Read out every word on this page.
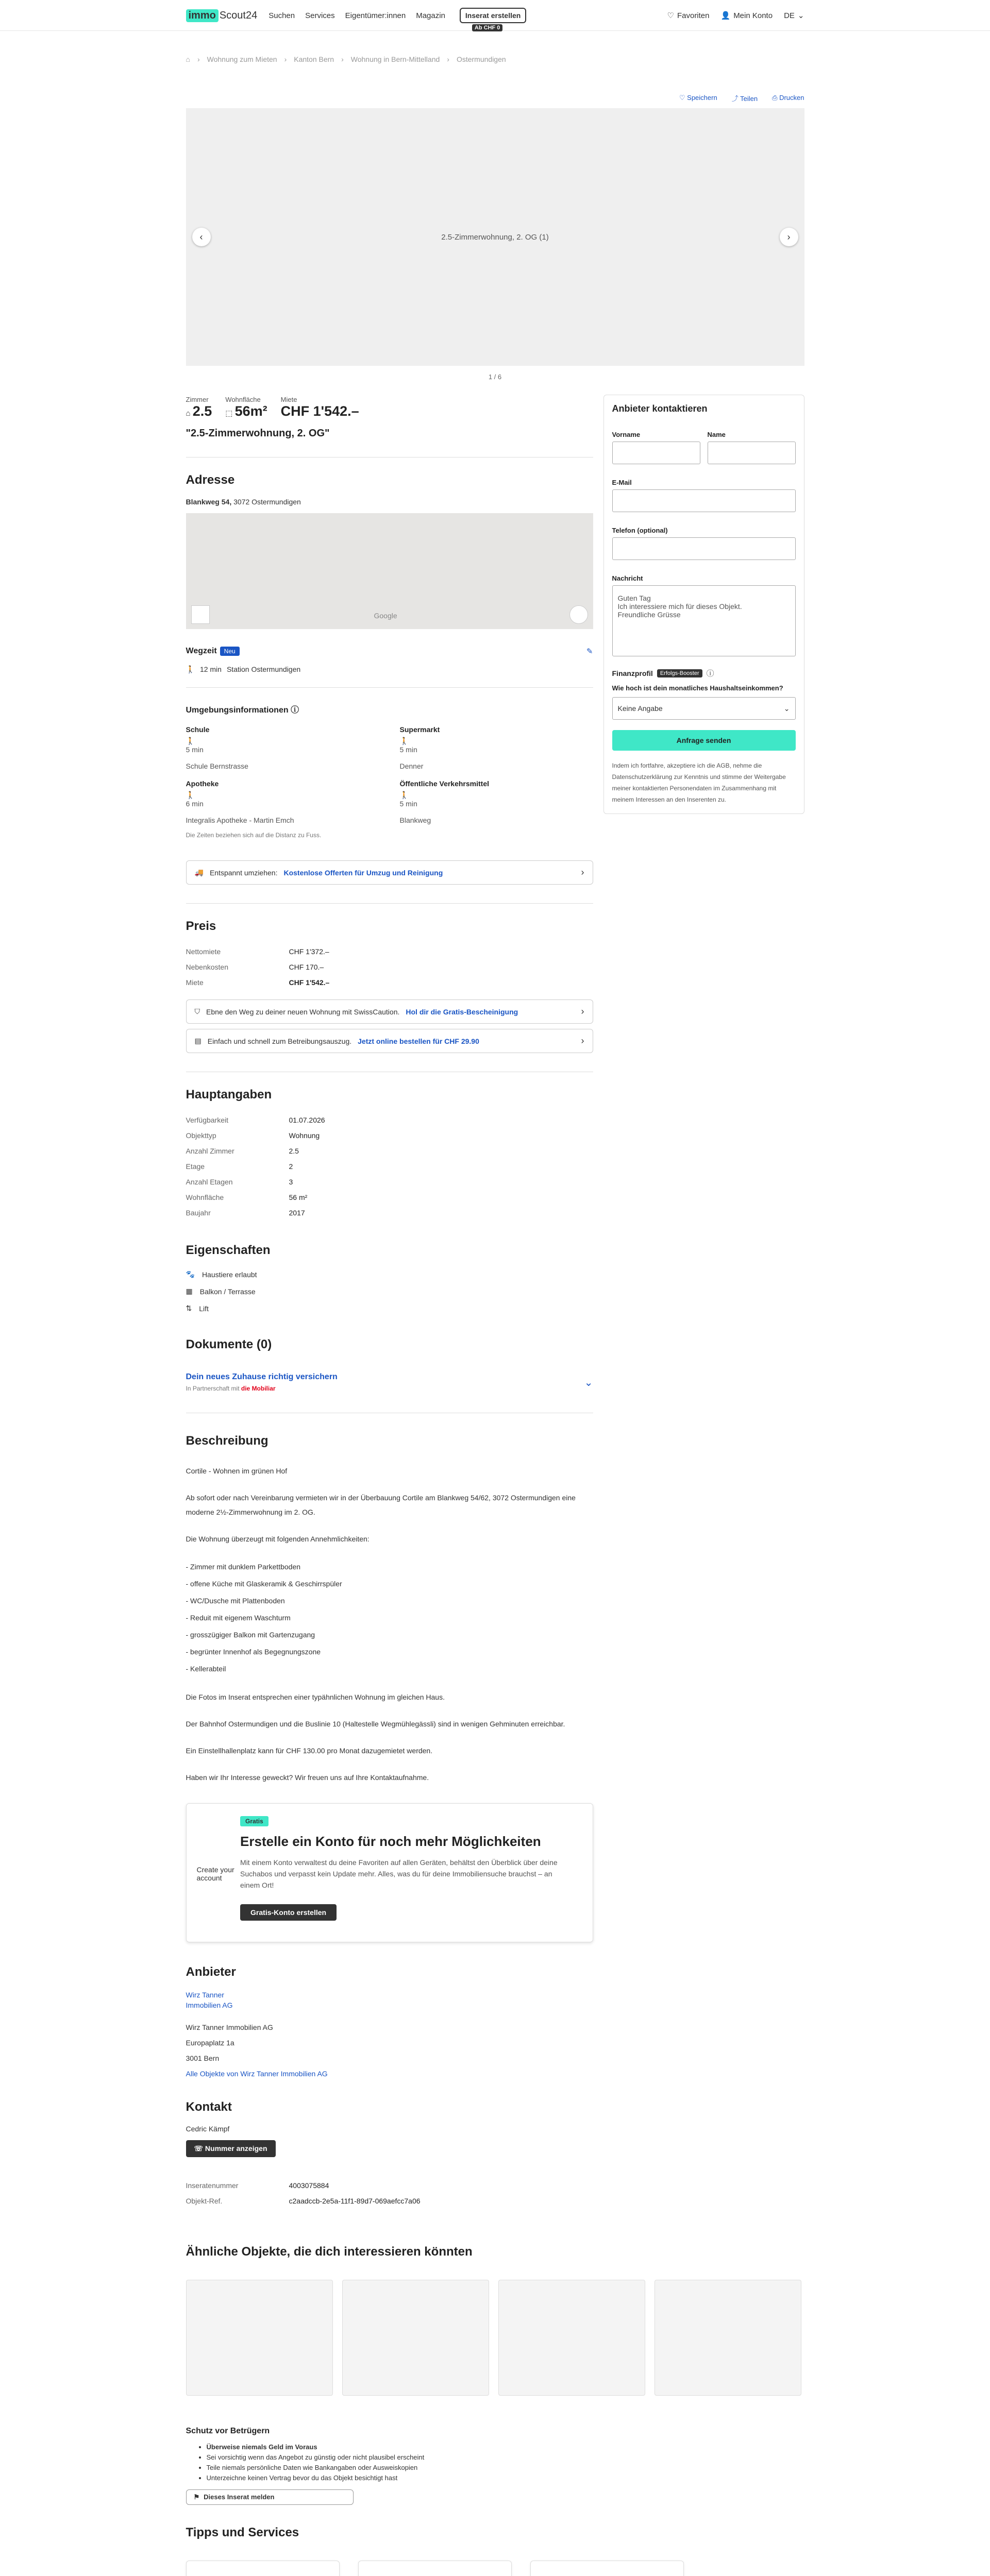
immo Scout24 Suchen Services Eigentümer:innen Magazin	Inserat erstellen
Ab CHF 0
♡ Favoriten 👤 Mein Konto DE ⌄
⌂ › Wohnung zum Mieten › Kanton Bern › Wohnung in Bern-Mittelland › Ostermundigen
♡ Speichern ⤴ Teilen ⎙ Drucken
2.5-Zimmerwohnung, 2. OG (1)
‹	›
1 / 6
Zimmer
⌂ 2.5
Wohnfläche
⬚ 56m²
Miete
CHF 1'542.–
"2.5-Zimmerwohnung, 2. OG"
Adresse
Blankweg 54, 3072 Ostermundigen
Google
Wegzeit	Neu	✎
🚶 12 min Station Ostermundigen
Umgebungsinformationen ⓘ
Schule
🚶
5 min

Schule Bernstrasse
Supermarkt
🚶
5 min

Denner
Apotheke
🚶
6 min

Integralis Apotheke - Martin Emch
Öffentliche Verkehrsmittel
🚶
5 min

Blankweg
Die Zeiten beziehen sich auf die Distanz zu Fuss.
🚚 Entspannt umziehen: Kostenlose Offerten für Umzug und Reinigung	›
Preis
Nettomiete	CHF 1'372.–
Nebenkosten	CHF 170.–
Miete	CHF 1'542.–
⛉ Ebne den Weg zu deiner neuen Wohnung mit SwissCaution. Hol dir die Gratis-Bescheinigung	›
▤ Einfach und schnell zum Betreibungsauszug. Jetzt online bestellen für CHF 29.90	›
Hauptangaben
Verfügbarkeit	01.07.2026
Objekttyp	Wohnung
Anzahl Zimmer	2.5
Etage	2
Anzahl Etagen	3
Wohnfläche	56 m²
Baujahr	2017
Eigenschaften
🐾 Haustiere erlaubt
▦ Balkon / Terrasse
⇅ Lift
Dokumente (0)
Dein neues Zuhause richtig versichern
In Partnerschaft mit die Mobiliar
⌄
Beschreibung

Cortile - Wohnen im grünen Hof

Ab sofort oder nach Vereinbarung vermieten wir in der Überbauung Cortile am Blankweg 54/62, 3072 Ostermundigen eine moderne 2½-Zimmerwohnung im 2. OG.

Die Wohnung überzeugt mit folgenden Annehmlichkeiten:

- Zimmer mit dunklem Parkettboden
- offene Küche mit Glaskeramik & Geschirrspüler
- WC/Dusche mit Plattenboden
- Reduit mit eigenem Waschturm
- grosszügiger Balkon mit Gartenzugang
- begrünter Innenhof als Begegnungszone
- Kellerabteil

Die Fotos im Inserat entsprechen einer typähnlichen Wohnung im gleichen Haus.

Der Bahnhof Ostermundigen und die Buslinie 10 (Haltestelle Wegmühlegässli) sind in wenigen Gehminuten erreichbar.

Ein Einstellhallenplatz kann für CHF 130.00 pro Monat dazugemietet werden.

Haben wir Ihr Interesse geweckt? Wir freuen uns auf Ihre Kontaktaufnahme.

Create your account
Gratis
Erstelle ein Konto für noch mehr Möglichkeiten

Mit einem Konto verwaltest du deine Favoriten auf allen Geräten, behältst den Überblick über deine Suchabos und verpasst kein Update mehr. Alles, was du für deine Immobiliensuche brauchst – an einem Ort!

Gratis-Konto erstellen
Anbieter
Wirz Tanner Immobilien AG
Wirz Tanner Immobilien AG
Europaplatz 1a
3001 Bern
Alle Objekte von Wirz Tanner Immobilien AG
Kontakt
Cedric Kämpf
☏ Nummer anzeigen
Inseratenummer	4003075884
Objekt-Ref.	c2aadccb-2e5a-11f1-89d7-069aefcc7a06
Anbieter kontaktieren
Vorname	Name
E-Mail
Telefon (optional)
Nachricht
Guten Tag Ich interessiere mich für dieses Objekt. Freundliche Grüsse
Finanzprofil	Erfolgs-Booster ⓘ
Wie hoch ist dein monatliches Haushaltseinkommen?
Keine Angabe	⌄
Anfrage senden
Indem ich fortfahre, akzeptiere ich die AGB, nehme die Datenschutzerklärung zur Kenntnis und stimme der Weitergabe meiner kontaktierten Personendaten im Zusammenhang mit meinem Interessen an den Inserenten zu.
Ähnliche Objekte, die dich interessieren könnten
Schutz vor Betrügern
• Überweise niemals Geld im Voraus
• Sei vorsichtig wenn das Angebot zu günstig oder nicht plausibel erscheint
• Teile niemals persönliche Daten wie Bankangaben oder Ausweiskopien
• Unterzeichne keinen Vertrag bevor du das Objekt besichtigt hast
⚑ Dieses Inserat melden
Tipps und Services
